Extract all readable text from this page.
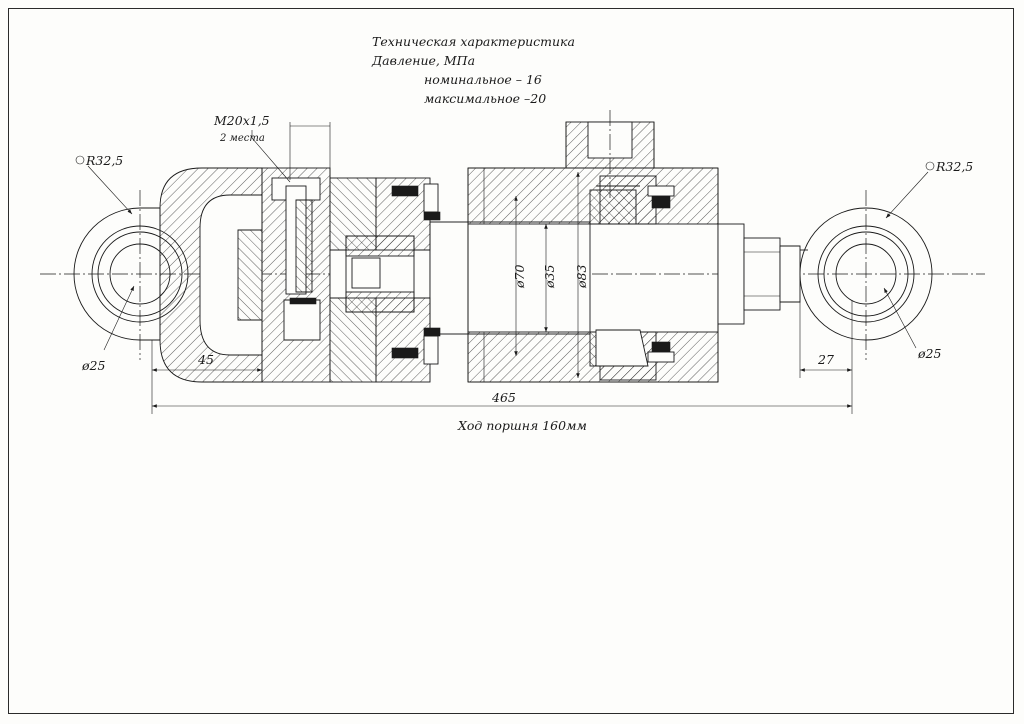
Техническая характеристика
Давление, МПа
номинальное – 16
максимальное –20
M20x1,5
2 места
R32,5	R32,5
ø25
ø25
ø70 ø35 ø83
45	27
465
Ход поршня 160мм
